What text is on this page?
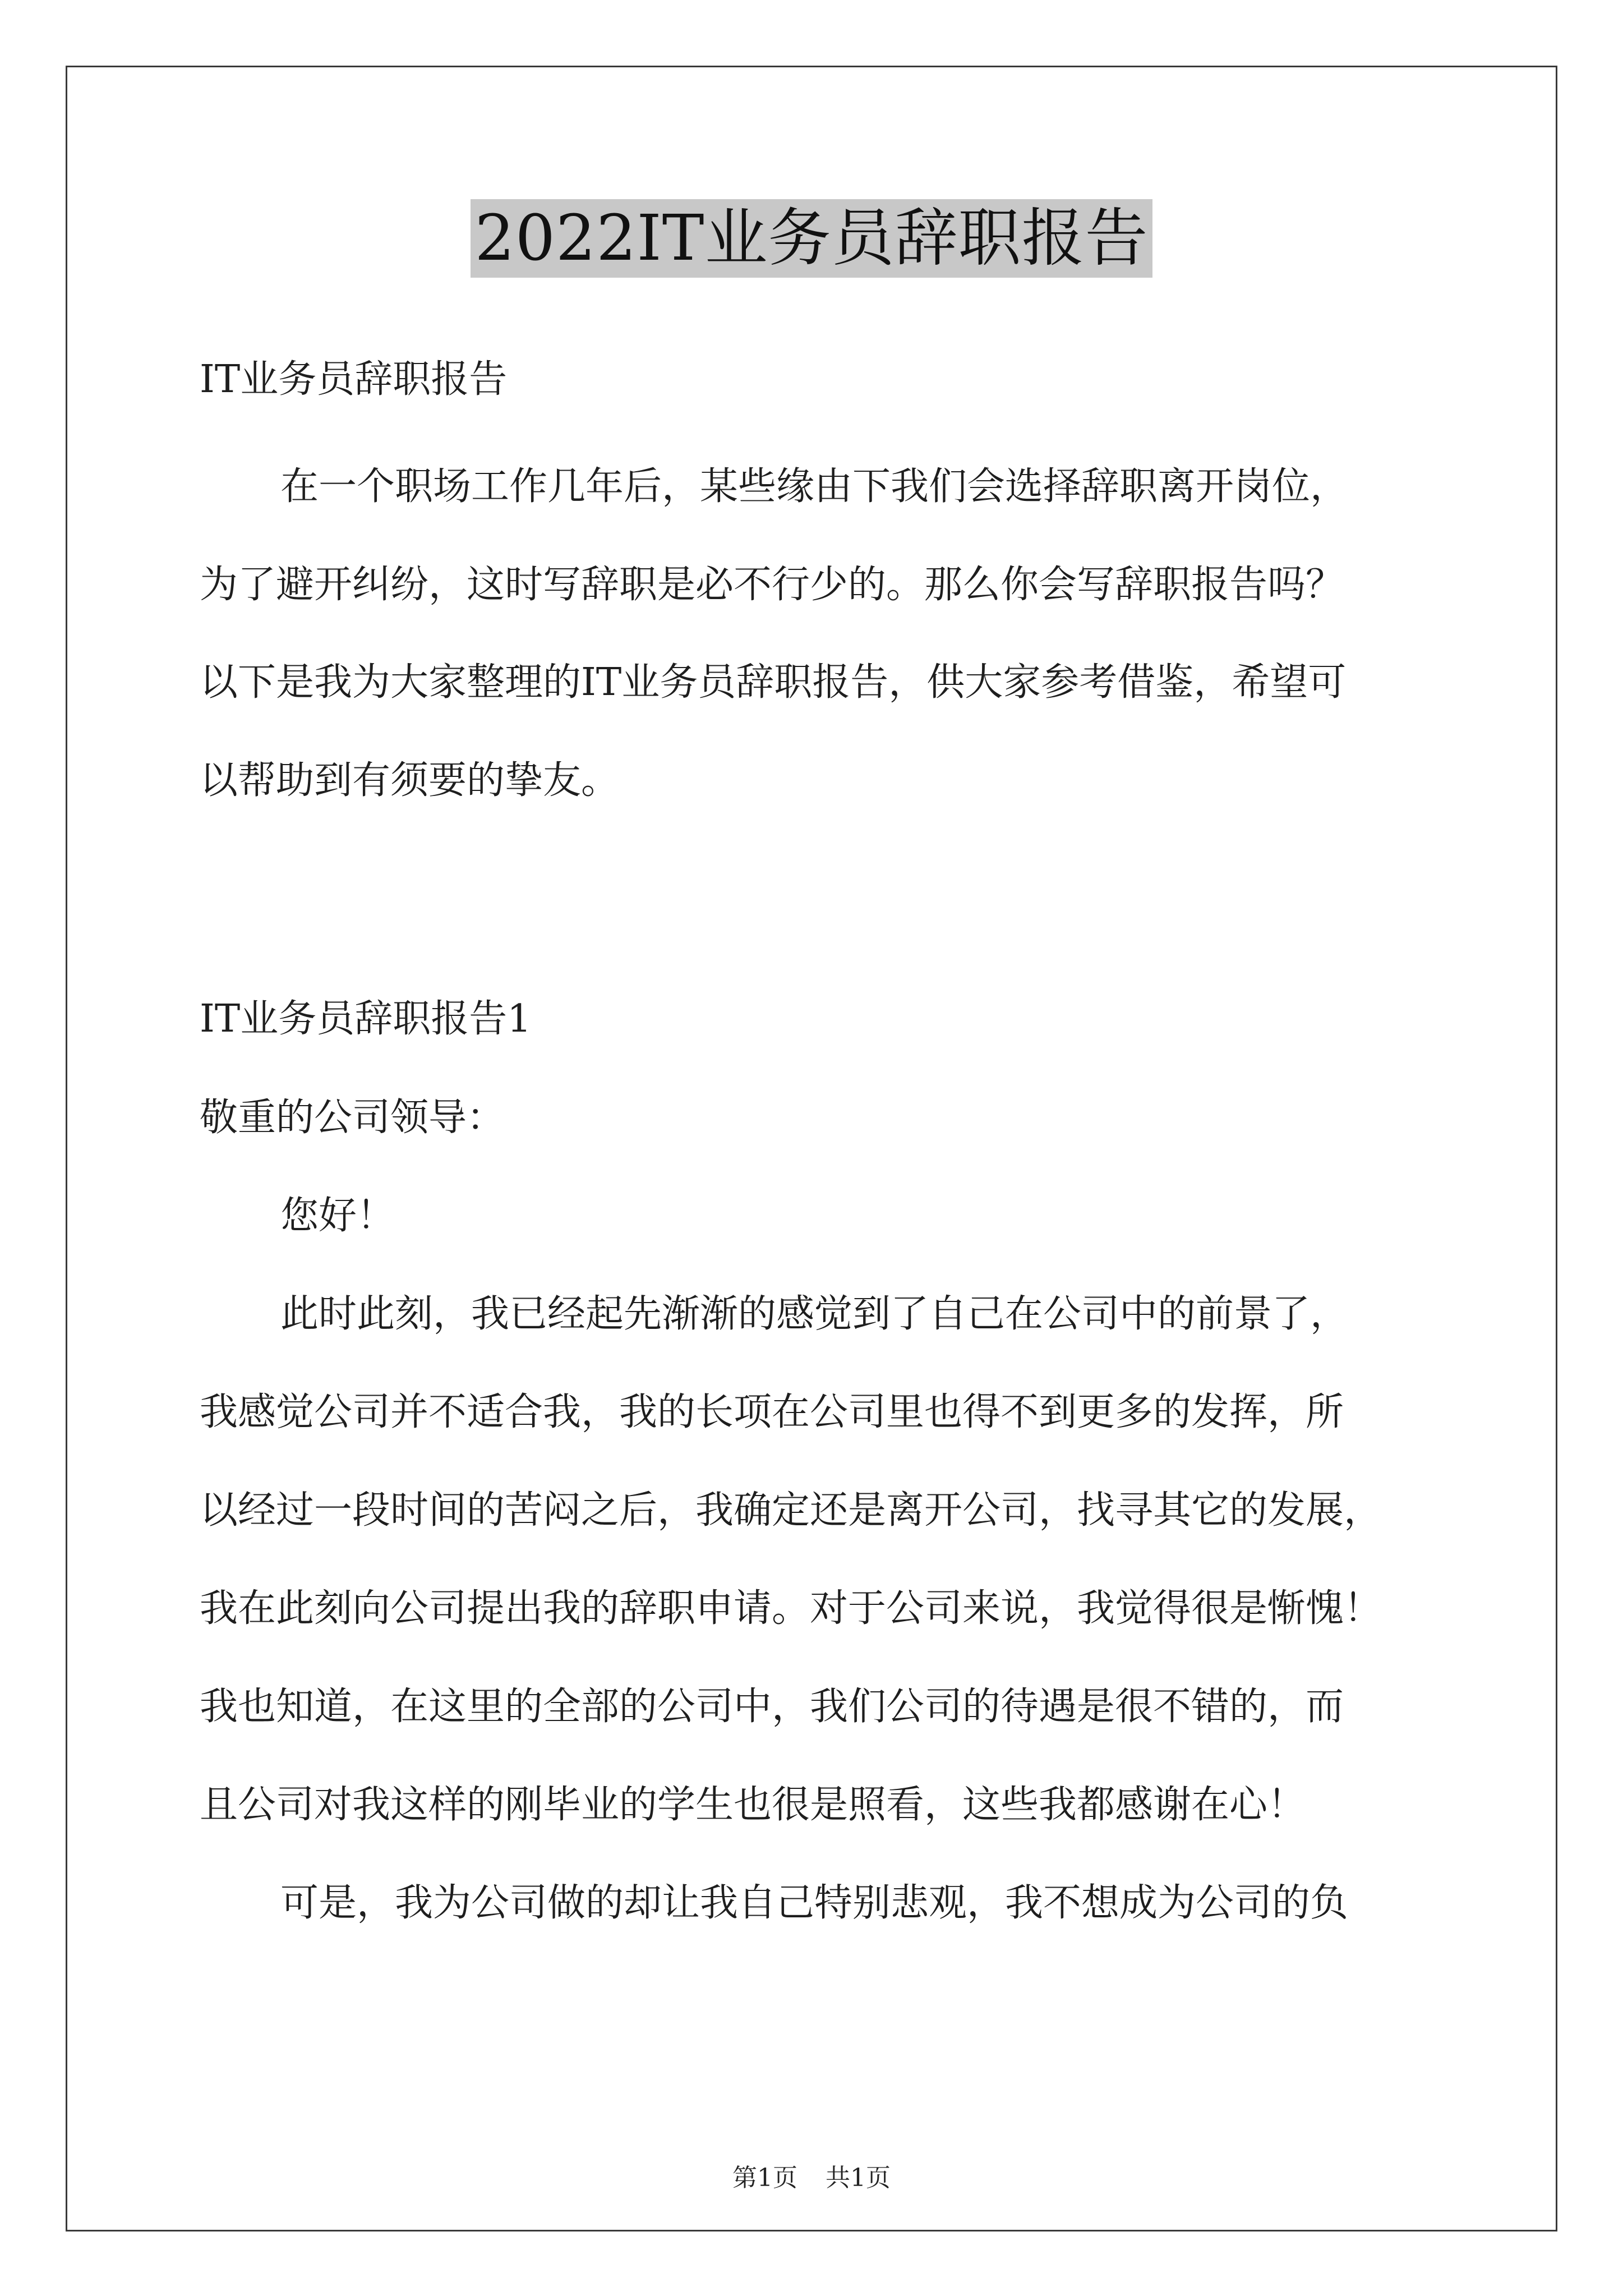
2022IT业务员辞职报告
IT业务员辞职报告
在一个职场工作几年后，某些缘由下我们会选择辞职离开岗位，
为了避开纠纷，这时写辞职是必不行少的。那么你会写辞职报告吗？
以下是我为大家整理的IT业务员辞职报告，供大家参考借鉴，希望可
以帮助到有须要的挚友。
IT业务员辞职报告1
敬重的公司领导：
您好！
此时此刻，我已经起先渐渐的感觉到了自己在公司中的前景了，
我感觉公司并不适合我，我的长项在公司里也得不到更多的发挥，所
以经过一段时间的苦闷之后，我确定还是离开公司，找寻其它的发展，
我在此刻向公司提出我的辞职申请。对于公司来说，我觉得很是惭愧！
我也知道，在这里的全部的公司中，我们公司的待遇是很不错的，而
且公司对我这样的刚毕业的学生也很是照看，这些我都感谢在心！
可是，我为公司做的却让我自己特别悲观，我不想成为公司的负
第1页 共1页
